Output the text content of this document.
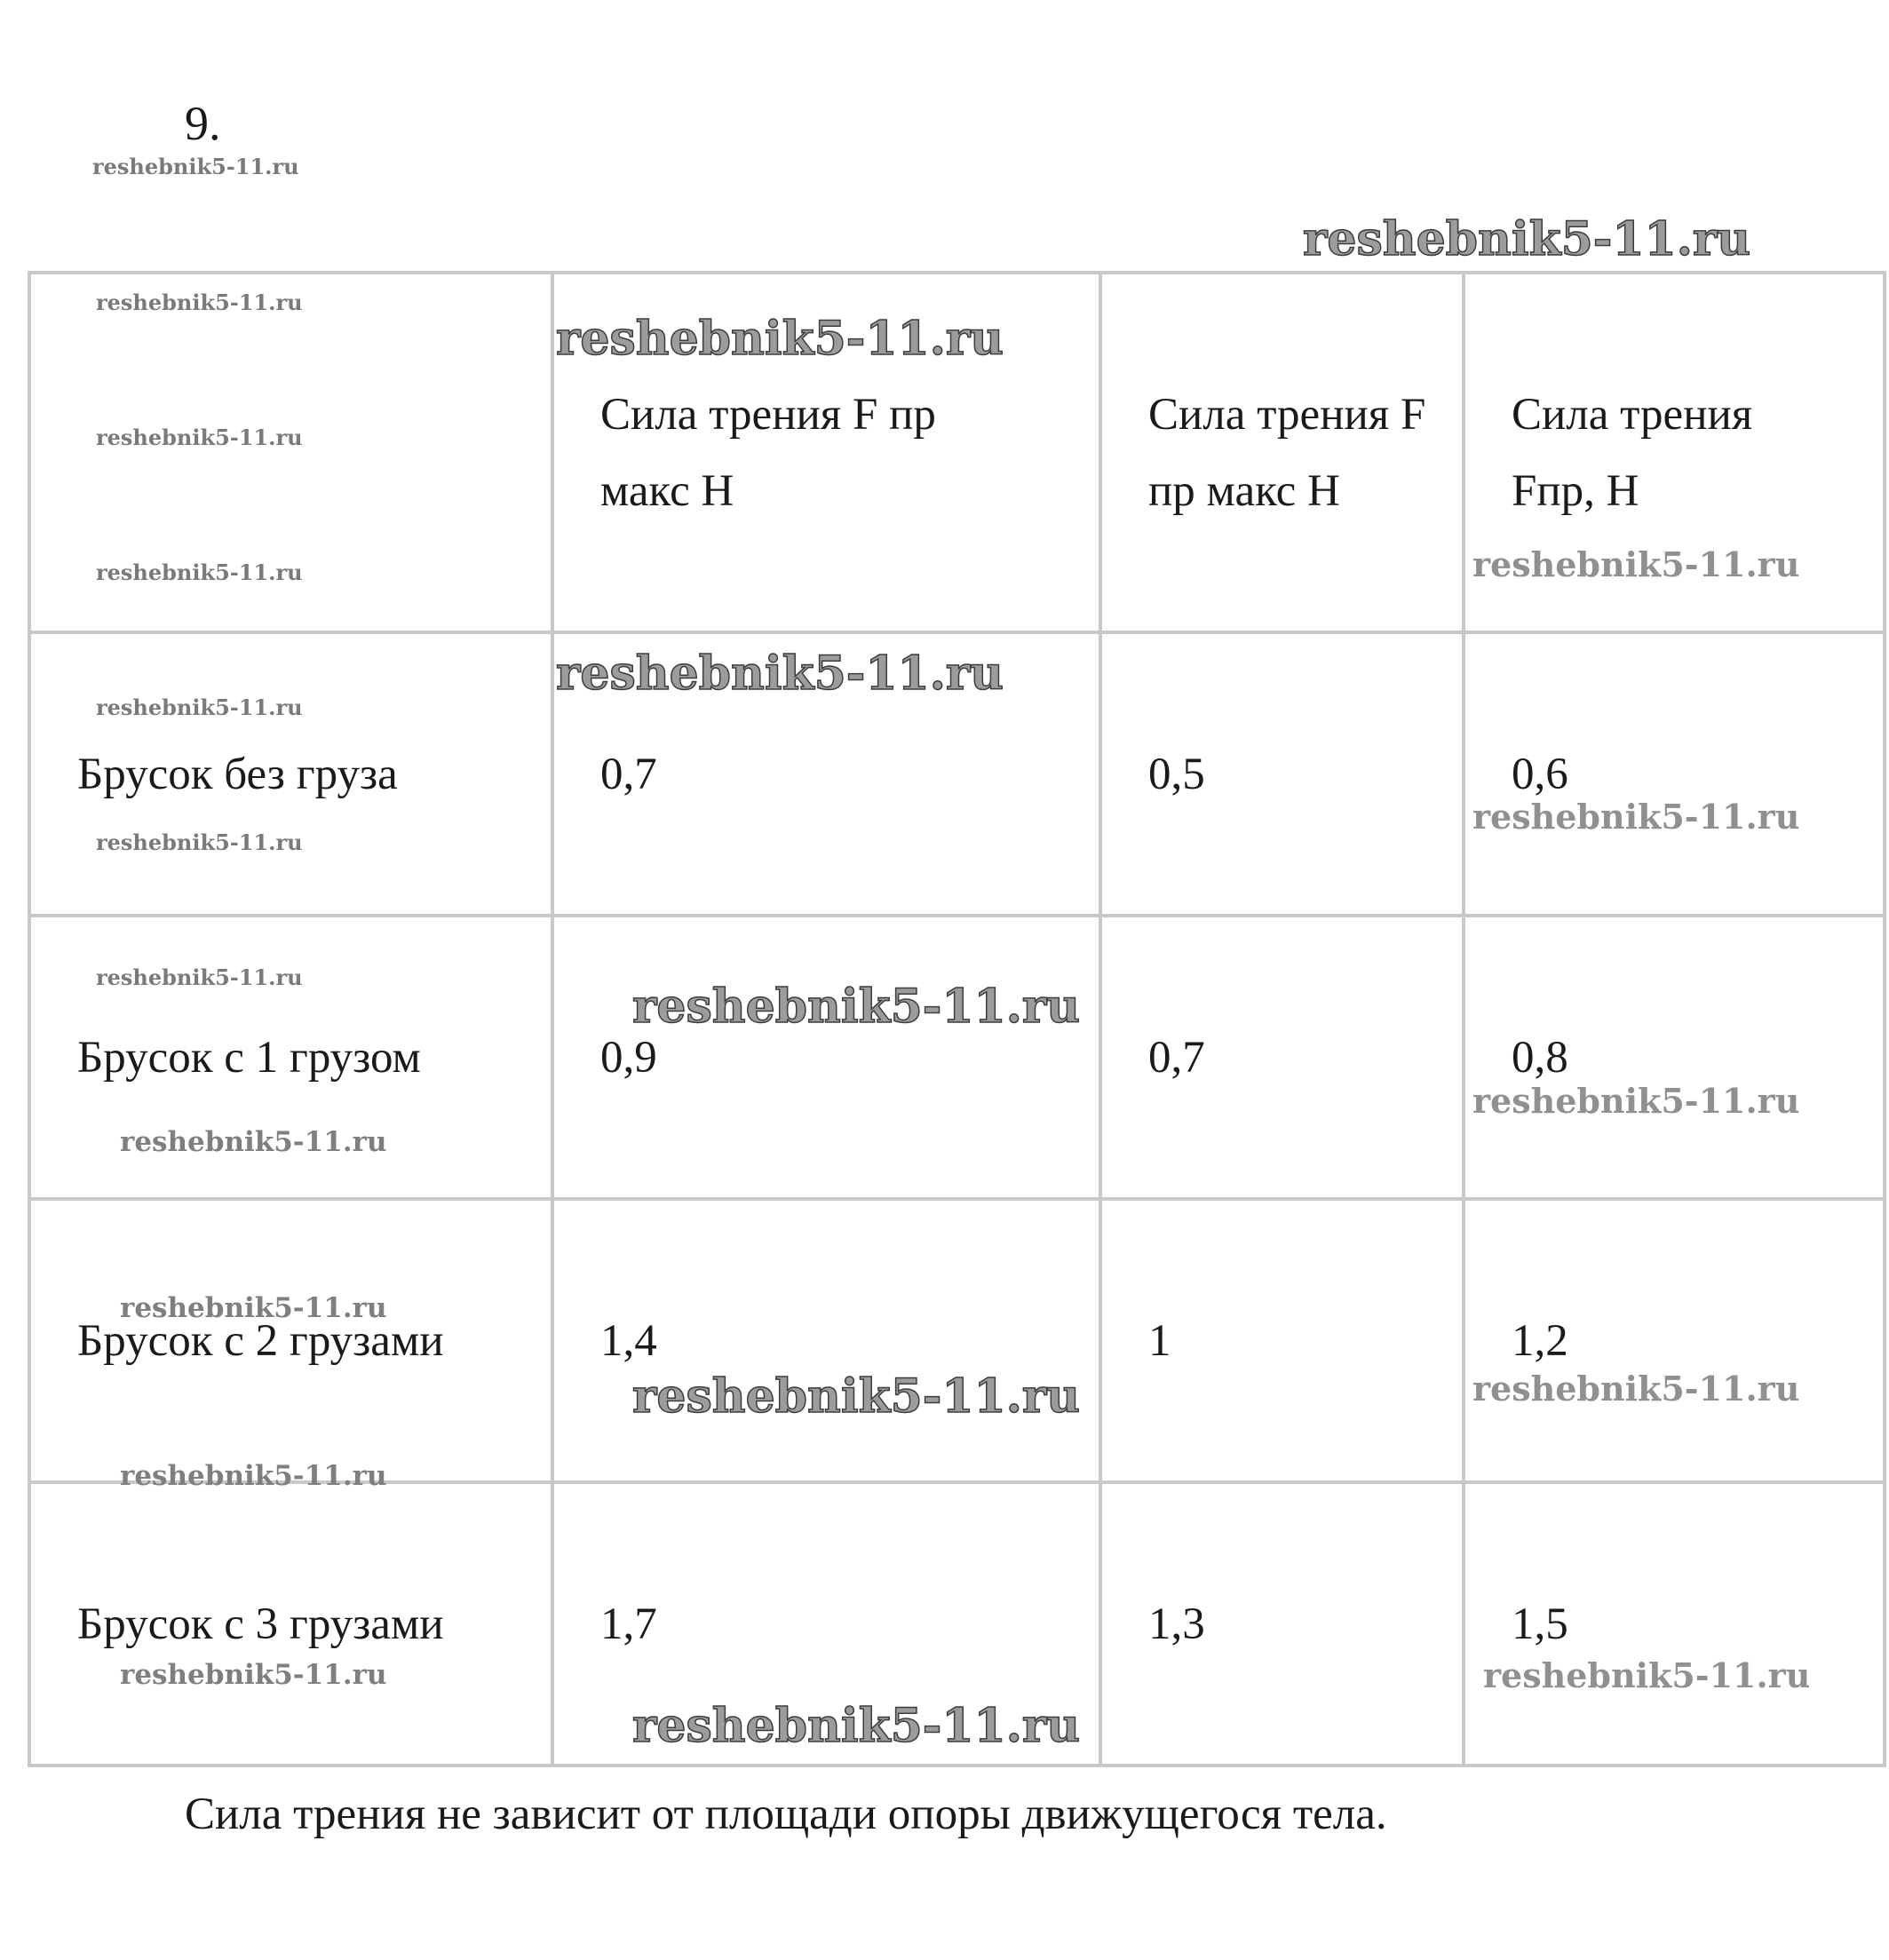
9.

	Сила трения F пр макс Н	Сила трения F пр макс Н	Сила трения Fпр, Н

Брусок без груза	0,7	0,5	0,6
Брусок с 1 грузом	0,9	0,7	0,8
Брусок с 2 грузами	1,4	1	1,2
Брусок с 3 грузами	1,7	1,3	1,5
Сила трения не зависит от площади опоры движущегося тела.
reshebnik5-11.ru
reshebnik5-11.ru
reshebnik5-11.ru
reshebnik5-11.ru
reshebnik5-11.ru
reshebnik5-11.ru
reshebnik5-11.ru
reshebnik5-11.ru
reshebnik5-11.ru
reshebnik5-11.ru
reshebnik5-11.ru
reshebnik5-11.ru
reshebnik5-11.ru
reshebnik5-11.ru
reshebnik5-11.ru
reshebnik5-11.ru
reshebnik5-11.ru
reshebnik5-11.ru	reshebnik5-11.ru
reshebnik5-11.ru
reshebnik5-11.ru
reshebnik5-11.ru
